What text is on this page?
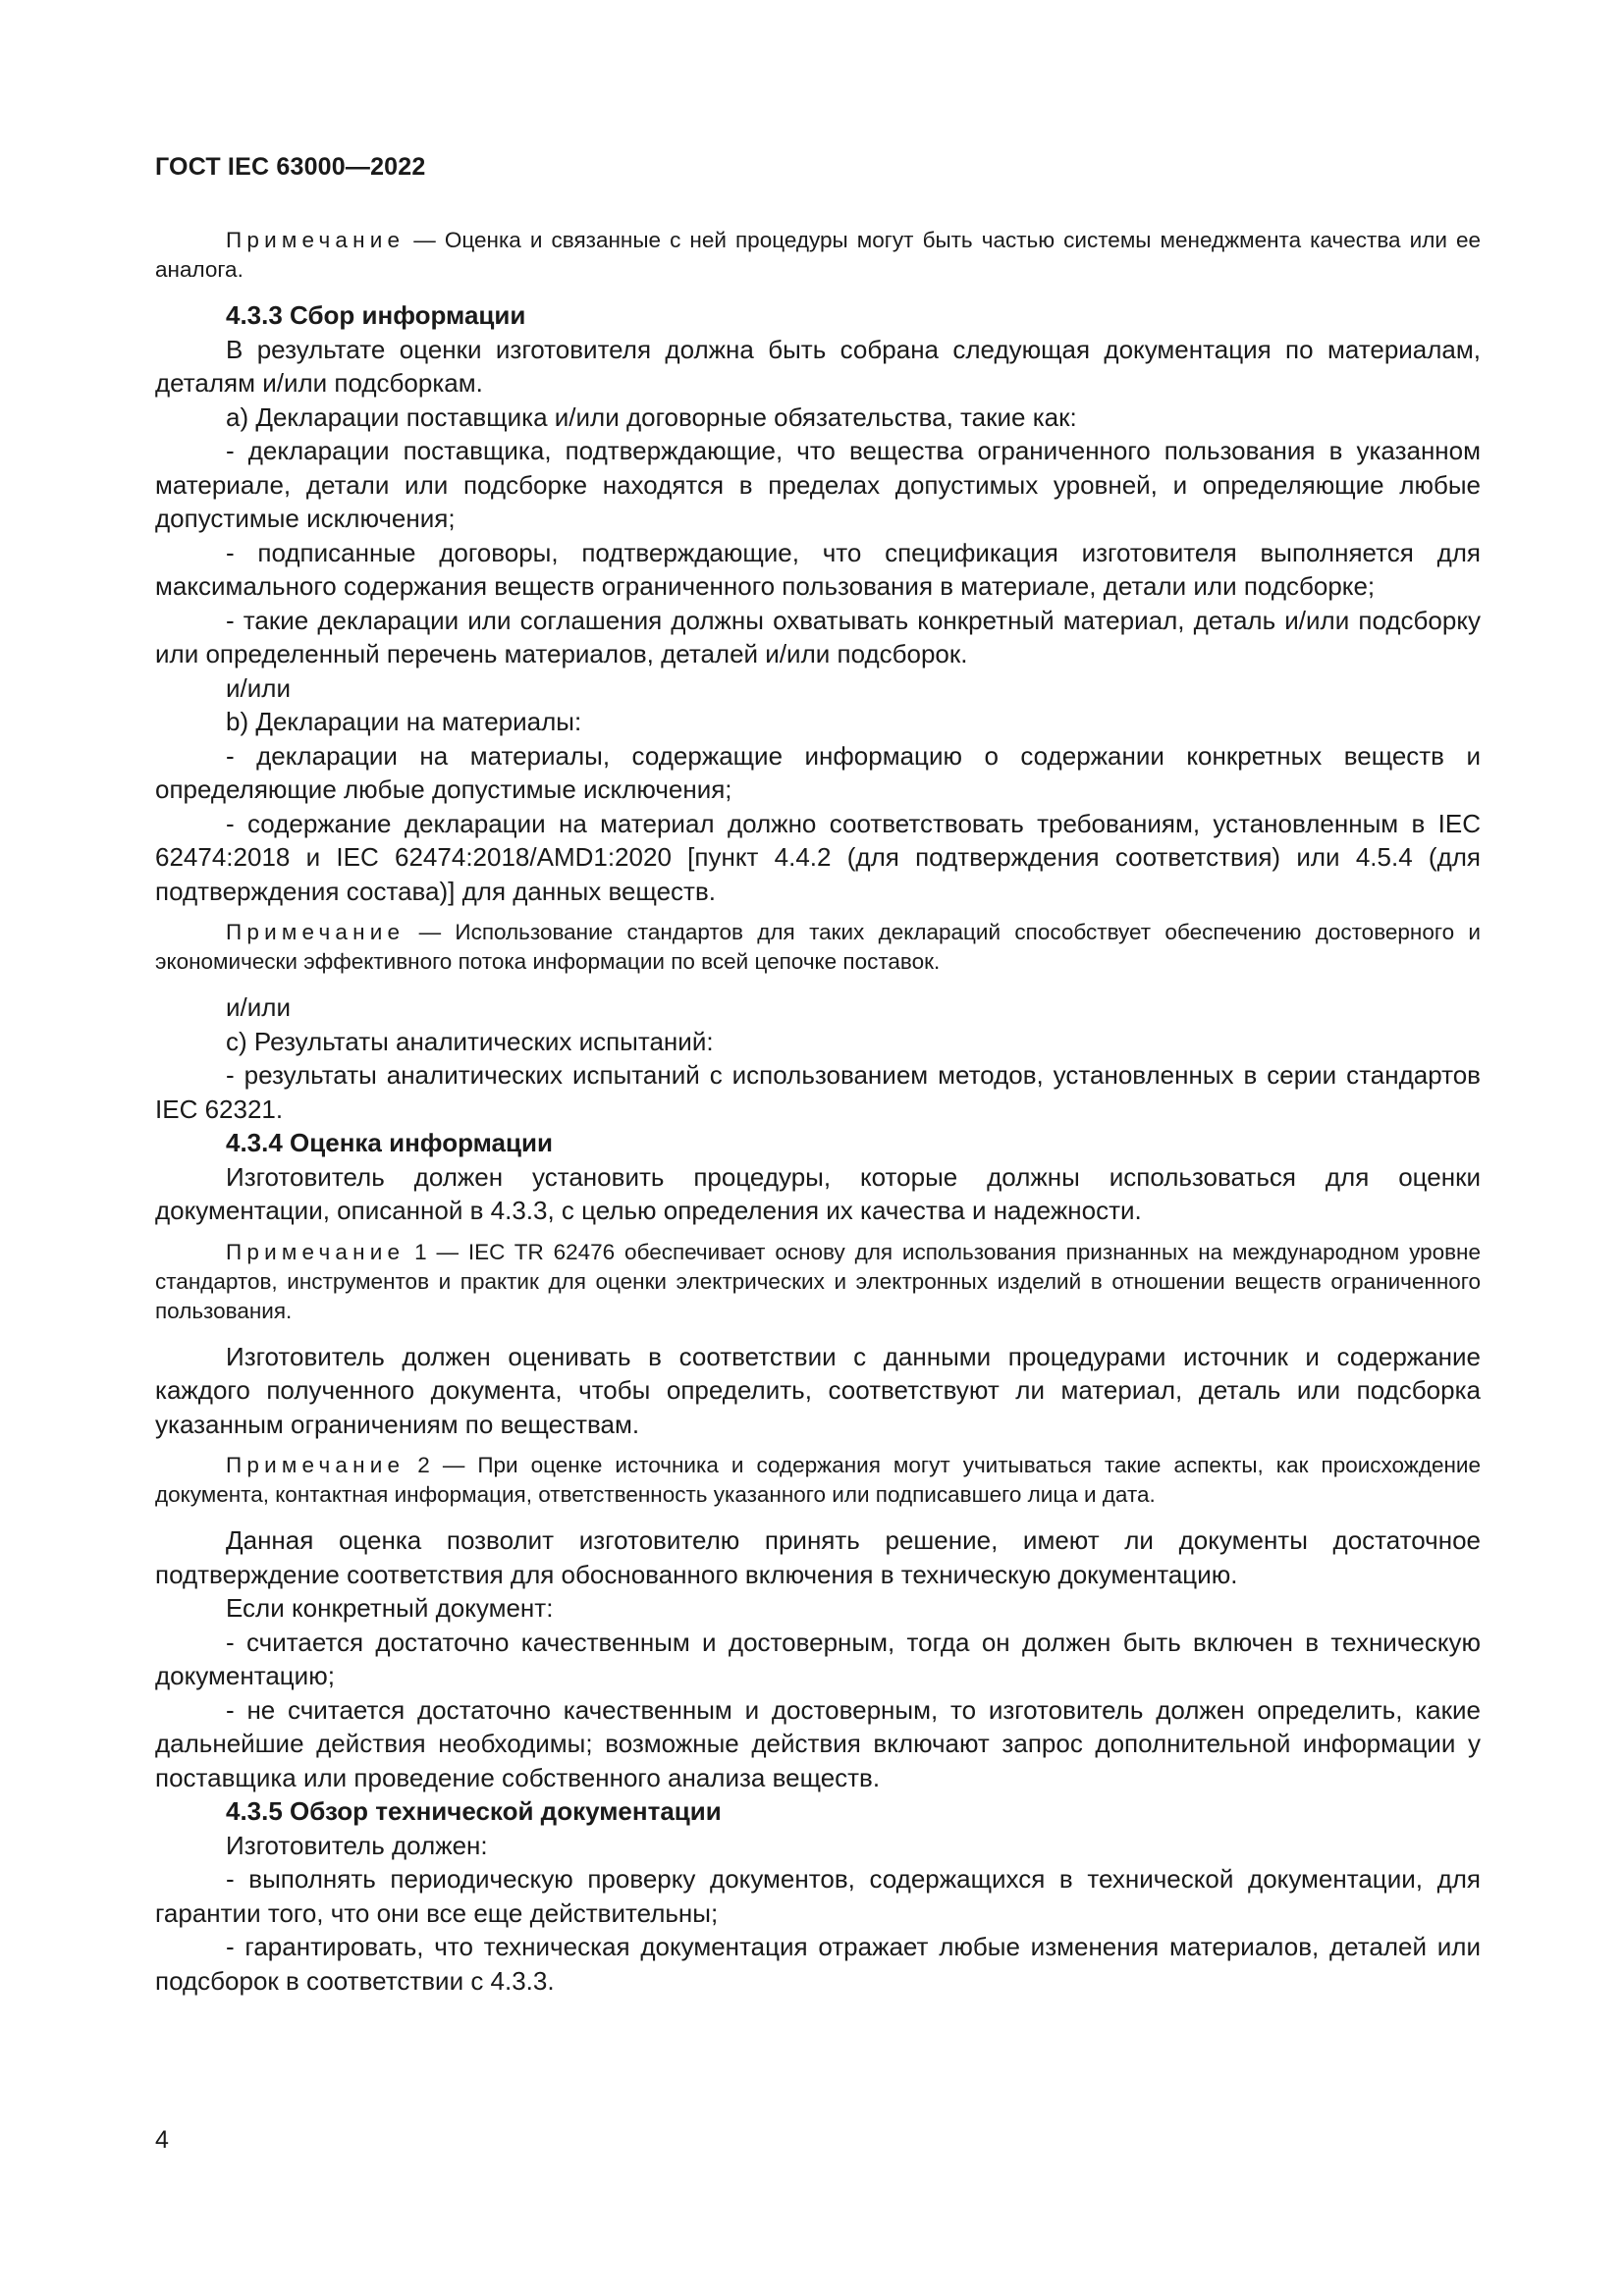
ГОСТ IEC 63000—2022

Примечание — Оценка и связанные с ней процедуры могут быть частью системы менеджмента качества или ее аналога.

4.3.3 Сбор информации

В результате оценки изготовителя должна быть собрана следующая документация по материалам, деталям и/или подсборкам.

a) Декларации поставщика и/или договорные обязательства, такие как:

- декларации поставщика, подтверждающие, что вещества ограниченного пользования в указанном материале, детали или подсборке находятся в пределах допустимых уровней, и определяющие любые допустимые исключения;

- подписанные договоры, подтверждающие, что спецификация изготовителя выполняется для максимального содержания веществ ограниченного пользования в материале, детали или подсборке;

- такие декларации или соглашения должны охватывать конкретный материал, деталь и/или подсборку или определенный перечень материалов, деталей и/или подсборок.

и/или

b) Декларации на материалы:

- декларации на материалы, содержащие информацию о содержании конкретных веществ и определяющие любые допустимые исключения;

- содержание декларации на материал должно соответствовать требованиям, установленным в IEC 62474:2018 и IEC 62474:2018/AMD1:2020 [пункт 4.4.2 (для подтверждения соответствия) или 4.5.4 (для подтверждения состава)] для данных веществ.

Примечание — Использование стандартов для таких деклараций способствует обеспечению достоверного и экономически эффективного потока информации по всей цепочке поставок.

и/или

c) Результаты аналитических испытаний:

- результаты аналитических испытаний с использованием методов, установленных в серии стандартов IEC 62321.

4.3.4 Оценка информации

Изготовитель должен установить процедуры, которые должны использоваться для оценки документации, описанной в 4.3.3, с целью определения их качества и надежности.

Примечание 1 — IEC TR 62476 обеспечивает основу для использования признанных на международном уровне стандартов, инструментов и практик для оценки электрических и электронных изделий в отношении веществ ограниченного пользования.

Изготовитель должен оценивать в соответствии с данными процедурами источник и содержание каждого полученного документа, чтобы определить, соответствуют ли материал, деталь или подсборка указанным ограничениям по веществам.

Примечание 2 — При оценке источника и содержания могут учитываться такие аспекты, как происхождение документа, контактная информация, ответственность указанного или подписавшего лица и дата.

Данная оценка позволит изготовителю принять решение, имеют ли документы достаточное подтверждение соответствия для обоснованного включения в техническую документацию.

Если конкретный документ:

- считается достаточно качественным и достоверным, тогда он должен быть включен в техническую документацию;

- не считается достаточно качественным и достоверным, то изготовитель должен определить, какие дальнейшие действия необходимы; возможные действия включают запрос дополнительной информации у поставщика или проведение собственного анализа веществ.

4.3.5 Обзор технической документации

Изготовитель должен:

- выполнять периодическую проверку документов, содержащихся в технической документации, для гарантии того, что они все еще действительны;

- гарантировать, что техническая документация отражает любые изменения материалов, деталей или подсборок в соответствии с 4.3.3.

4
